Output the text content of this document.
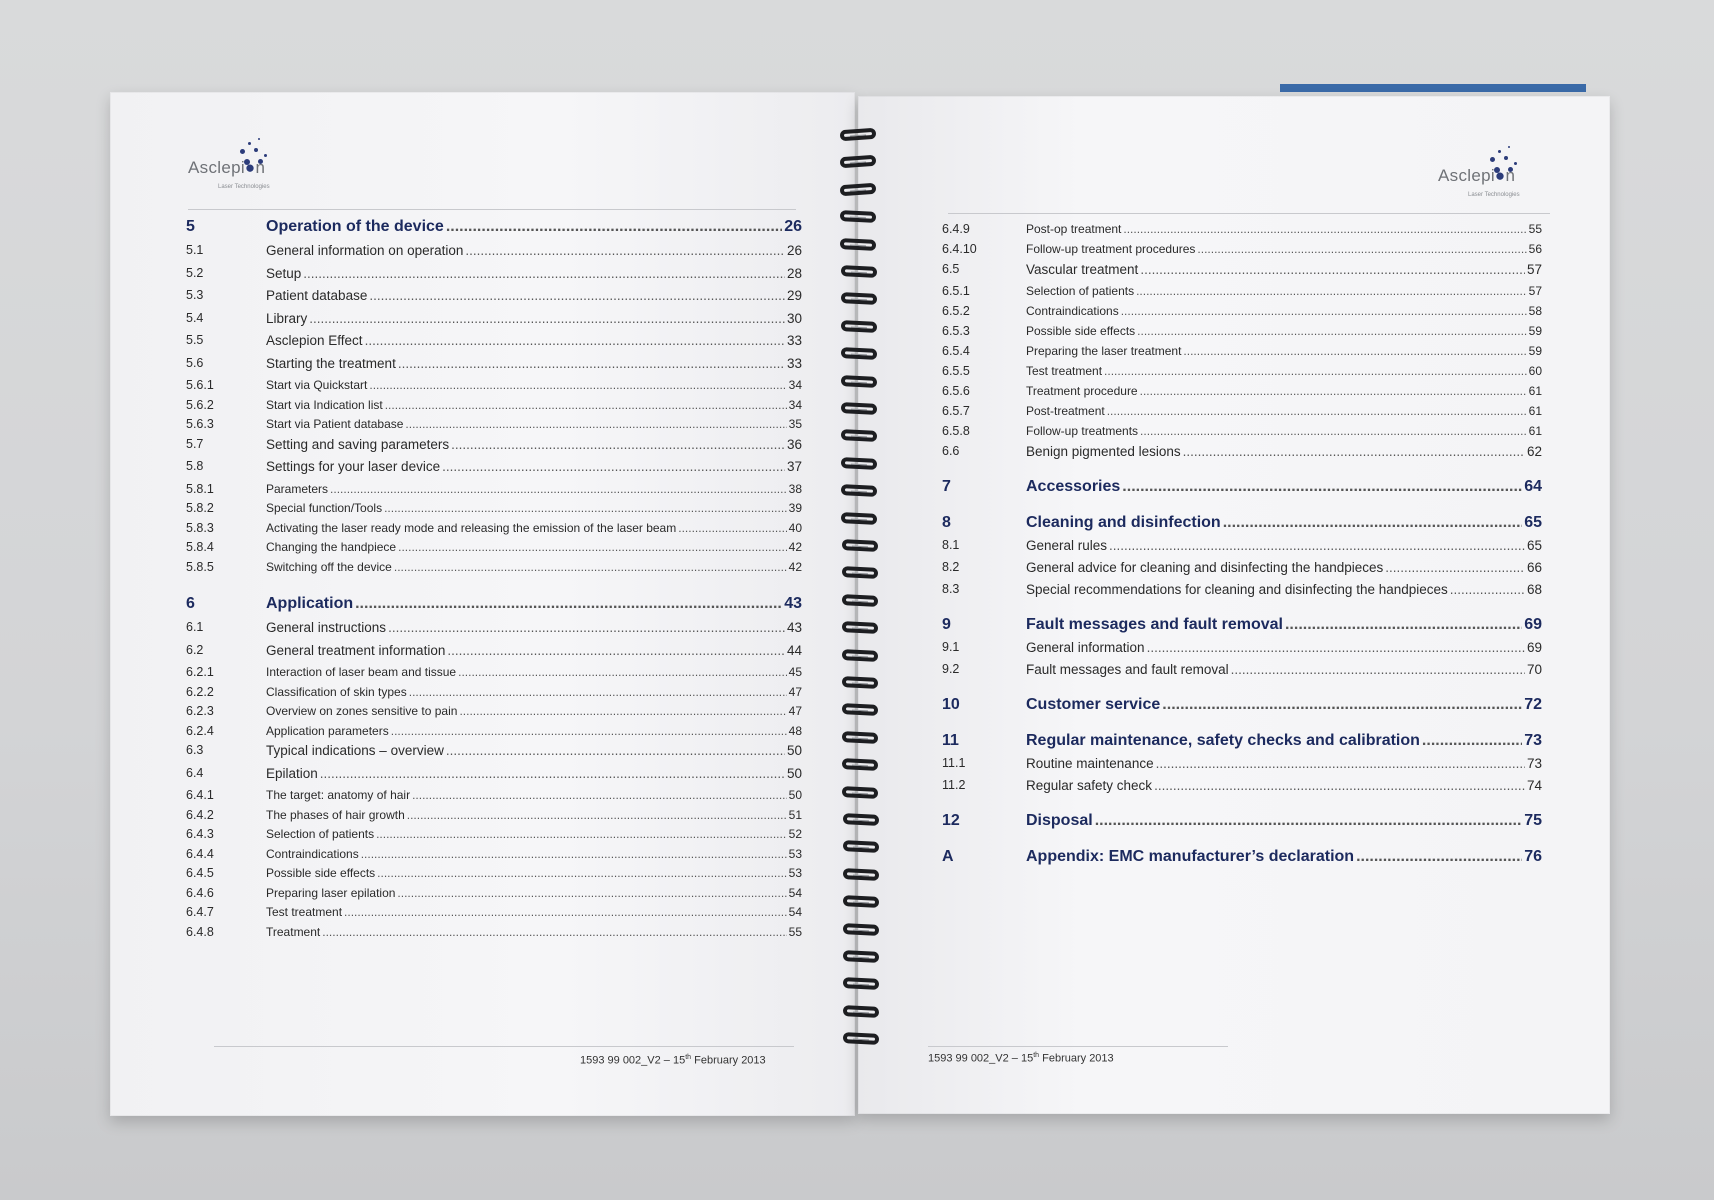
Asclepi●n
Laser Technologies
5	Operation of the device .....	26
5.1	General information on operation .....	26
5.2	Setup .....	28
5.3	Patient database .....	29
5.4	Library .....	30
5.5	Asclepion Effect .....	33
5.6	Starting the treatment .....	33
5.6.1	Start via Quickstart .....	34
5.6.2	Start via Indication list .....	34
5.6.3	Start via Patient database .....	35
5.7	Setting and saving parameters .....	36
5.8	Settings for your laser device .....	37
5.8.1	Parameters .....	38
5.8.2	Special function/Tools .....	39
5.8.3	Activating the laser ready mode and releasing the emission of the laser beam .....	40
5.8.4	Changing the handpiece .....	42
5.8.5	Switching off the device .....	42
6	Application .....	43
6.1	General instructions .....	43
6.2	General treatment information .....	44
6.2.1	Interaction of laser beam and tissue .....	45
6.2.2	Classification of skin types .....	47
6.2.3	Overview on zones sensitive to pain .....	47
6.2.4	Application parameters .....	48
6.3	Typical indications – overview .....	50
6.4	Epilation .....	50
6.4.1	The target: anatomy of hair .....	50
6.4.2	The phases of hair growth .....	51
6.4.3	Selection of patients .....	52
6.4.4	Contraindications .....	53
6.4.5	Possible side effects .....	53
6.4.6	Preparing laser epilation .....	54
6.4.7	Test treatment .....	54
6.4.8	Treatment .....	55
1593 99 002_V2 – 15th February 2013
Asclepi●n
Laser Technologies
6.4.9	Post-op treatment .....	55
6.4.10	Follow-up treatment procedures .....	56
6.5	Vascular treatment .....	57
6.5.1	Selection of patients .....	57
6.5.2	Contraindications .....	58
6.5.3	Possible side effects .....	59
6.5.4	Preparing the laser treatment .....	59
6.5.5	Test treatment .....	60
6.5.6	Treatment procedure .....	61
6.5.7	Post-treatment .....	61
6.5.8	Follow-up treatments .....	61
6.6	Benign pigmented lesions .....	62
7	Accessories .....	64
8	Cleaning and disinfection .....	65
8.1	General rules .....	65
8.2	General advice for cleaning and disinfecting the handpieces .....	66
8.3	Special recommendations for cleaning and disinfecting the handpieces .....	68
9	Fault messages and fault removal .....	69
9.1	General information .....	69
9.2	Fault messages and fault removal .....	70
10	Customer service .....	72
11	Regular maintenance, safety checks and calibration .....	73
11.1	Routine maintenance .....	73
11.2	Regular safety check .....	74
12	Disposal .....	75
A	Appendix: EMC manufacturer’s declaration .....	76
1593 99 002_V2 – 15th February 2013
